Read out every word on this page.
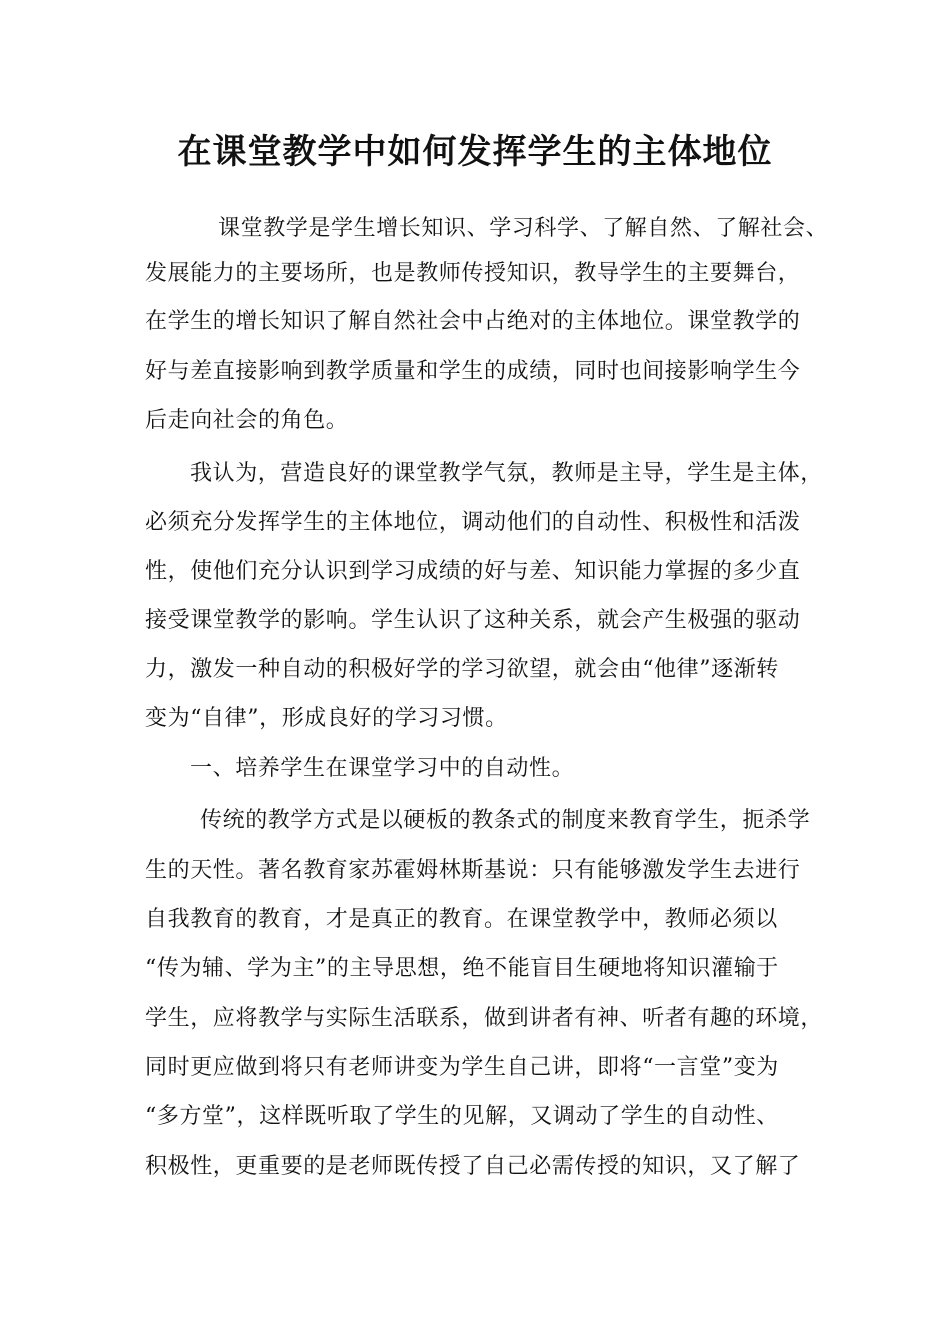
在课堂教学中如何发挥学生的主体地位
课堂教学是学生增长知识、学习科学、了解自然、了解社会、
发展能力的主要场所，也是教师传授知识，教导学生的主要舞台，
在学生的增长知识了解自然社会中占绝对的主体地位。课堂教学的
好与差直接影响到教学质量和学生的成绩，同时也间接影响学生今
后走向社会的角色。
我认为，营造良好的课堂教学气氛，教师是主导，学生是主体，
必须充分发挥学生的主体地位，调动他们的自动性、积极性和活泼
性，使他们充分认识到学习成绩的好与差、知识能力掌握的多少直
接受课堂教学的影响。学生认识了这种关系，就会产生极强的驱动
力，激发一种自动的积极好学的学习欲望，就会由“他律”逐渐转
变为“自律”，形成良好的学习习惯。
一、培养学生在课堂学习中的自动性。
传统的教学方式是以硬板的教条式的制度来教育学生，扼杀学
生的天性。著名教育家苏霍姆林斯基说：只有能够激发学生去进行
自我教育的教育，才是真正的教育。在课堂教学中，教师必须以
“传为辅、学为主”的主导思想，绝不能盲目生硬地将知识灌输于
学生，应将教学与实际生活联系，做到讲者有神、听者有趣的环境，
同时更应做到将只有老师讲变为学生自己讲，即将“一言堂”变为
“多方堂”，这样既听取了学生的见解，又调动了学生的自动性、
积极性，更重要的是老师既传授了自己必需传授的知识，又了解了
